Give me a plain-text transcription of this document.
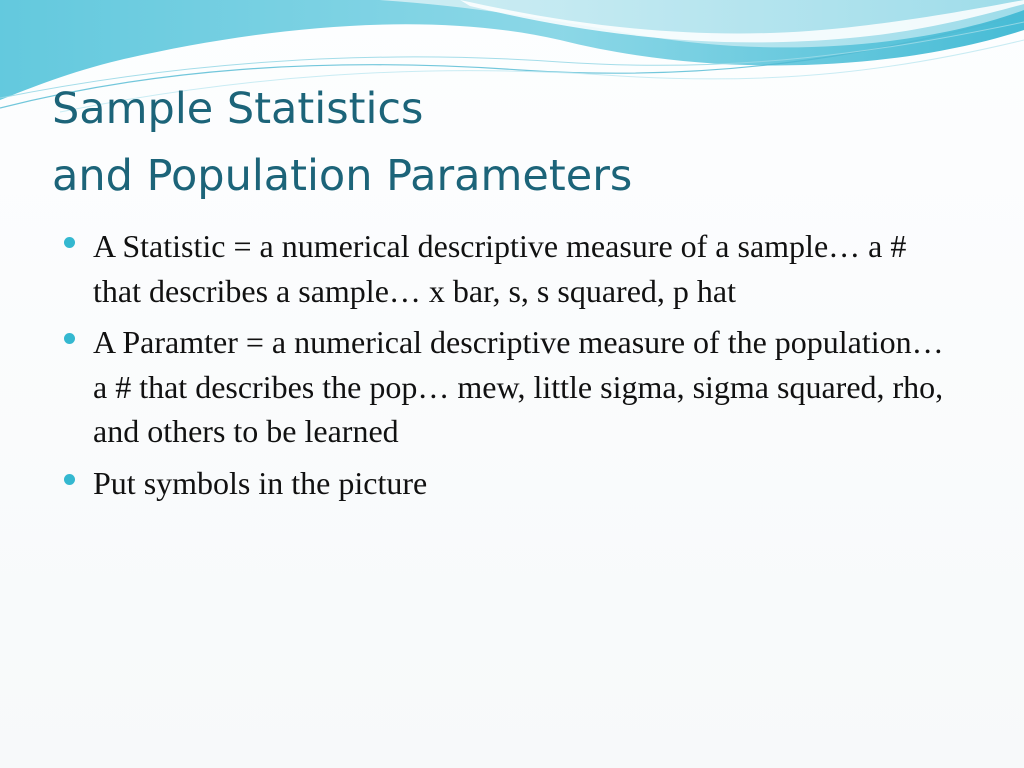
Sample Statistics
and Population Parameters
A Statistic = a numerical descriptive measure of a sample… a # that describes a sample… x bar, s, s squared, p hat
A Paramter = a numerical descriptive measure of the population… a # that describes the pop… mew, little sigma, sigma squared, rho, and others to be learned
Put symbols in the picture
